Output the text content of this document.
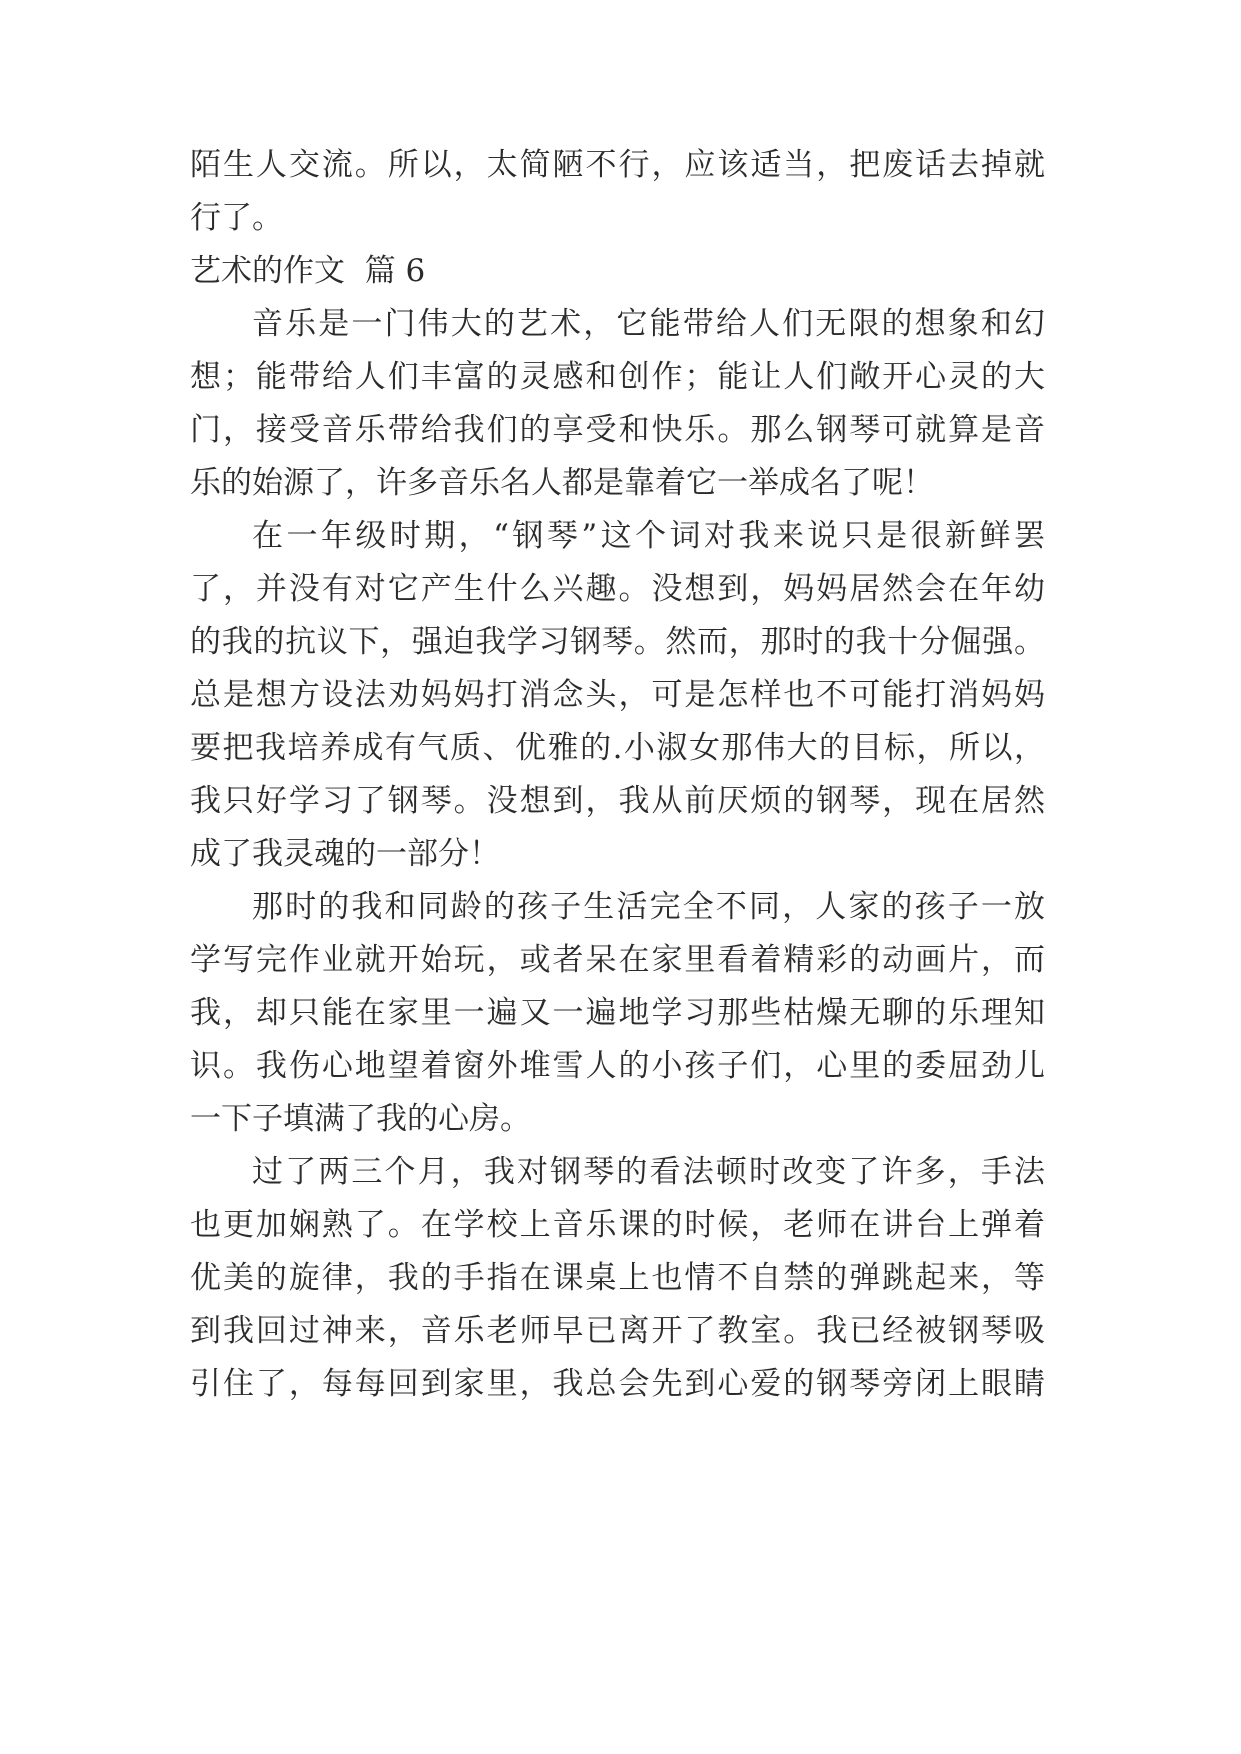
陌生人交流。所以，太简陋不行，应该适当，把废话去掉就
行了。
艺术的作文  篇 6
音乐是一门伟大的艺术，它能带给人们无限的想象和幻
想；能带给人们丰富的灵感和创作；能让人们敞开心灵的大
门，接受音乐带给我们的享受和快乐。那么钢琴可就算是音
乐的始源了，许多音乐名人都是靠着它一举成名了呢！
在一年级时期，“钢琴”这个词对我来说只是很新鲜罢
了，并没有对它产生什么兴趣。没想到，妈妈居然会在年幼
的我的抗议下，强迫我学习钢琴。然而，那时的我十分倔强。
总是想方设法劝妈妈打消念头，可是怎样也不可能打消妈妈
要把我培养成有气质、优雅的.小淑女那伟大的目标，所以，
我只好学习了钢琴。没想到，我从前厌烦的钢琴，现在居然
成了我灵魂的一部分！
那时的我和同龄的孩子生活完全不同，人家的孩子一放
学写完作业就开始玩，或者呆在家里看着精彩的动画片，而
我，却只能在家里一遍又一遍地学习那些枯燥无聊的乐理知
识。我伤心地望着窗外堆雪人的小孩子们，心里的委屈劲儿
一下子填满了我的心房。
过了两三个月，我对钢琴的看法顿时改变了许多，手法
也更加娴熟了。在学校上音乐课的时候，老师在讲台上弹着
优美的旋律，我的手指在课桌上也情不自禁的弹跳起来，等
到我回过神来，音乐老师早已离开了教室。我已经被钢琴吸
引住了，每每回到家里，我总会先到心爱的钢琴旁闭上眼睛
